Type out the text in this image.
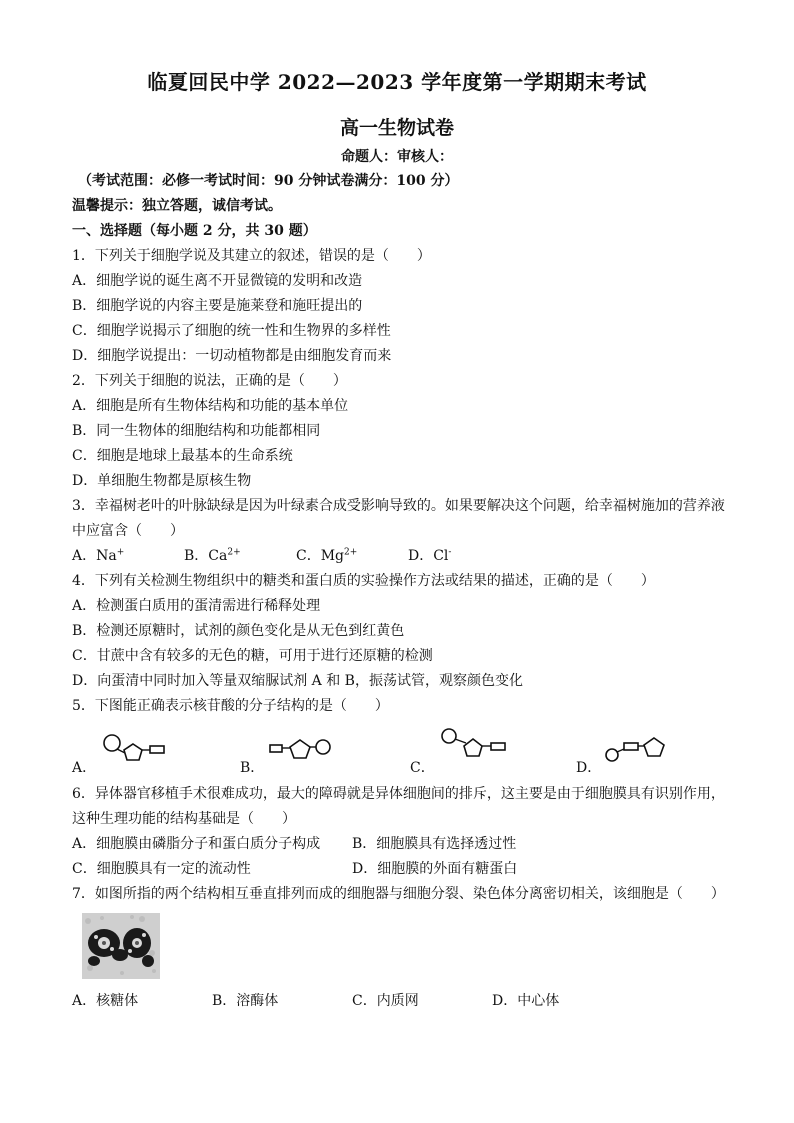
临夏回民中学 2022—2023 学年度第一学期期末考试
高一生物试卷
命题人：审核人：
（考试范围：必修一考试时间：90 分钟试卷满分：100 分）
温馨提示：独立答题，诚信考试。
一、选择题（每小题 2 分，共 30 题）
1．下列关于细胞学说及其建立的叙述，错误的是（　　）
A．细胞学说的诞生离不开显微镜的发明和改造
B．细胞学说的内容主要是施莱登和施旺提出的
C．细胞学说揭示了细胞的统一性和生物界的多样性
D．细胞学说提出：一切动植物都是由细胞发育而来
2．下列关于细胞的说法，正确的是（　　）
A．细胞是所有生物体结构和功能的基本单位
B．同一生物体的细胞结构和功能都相同
C．细胞是地球上最基本的生命系统
D．单细胞生物都是原核生物
3．幸福树老叶的叶脉缺绿是因为叶绿素合成受影响导致的。如果要解决这个问题，给幸福树施加的营养液
中应富含（　　）
A．Na+	B．$Ca^{2+}$	C．$Mg^{2+}$	D．Cl-
4．下列有关检测生物组织中的糖类和蛋白质的实验操作方法或结果的描述，正确的是（　　）
A．检测蛋白质用的蛋清需进行稀释处理
B．检测还原糖时，试剂的颜色变化是从无色到红黄色
C．甘蔗中含有较多的无色的糖，可用于进行还原糖的检测
D．向蛋清中同时加入等量双缩脲试剂 A 和 B，振荡试管，观察颜色变化
5．下图能正确表示核苷酸的分子结构的是（　　）
A．	B．	C．	D．
6．异体器官移植手术很难成功，最大的障碍就是异体细胞间的排斥，这主要是由于细胞膜具有识别作用，
这种生理功能的结构基础是（　　）
A．细胞膜由磷脂分子和蛋白质分子构成 B．细胞膜具有选择透过性
C．细胞膜具有一定的流动性	D．细胞膜的外面有糖蛋白
7．如图所指的两个结构相互垂直排列而成的细胞器与细胞分裂、染色体分离密切相关，该细胞是（　　）
A．核糖体	B．溶酶体	C．内质网	D．中心体
